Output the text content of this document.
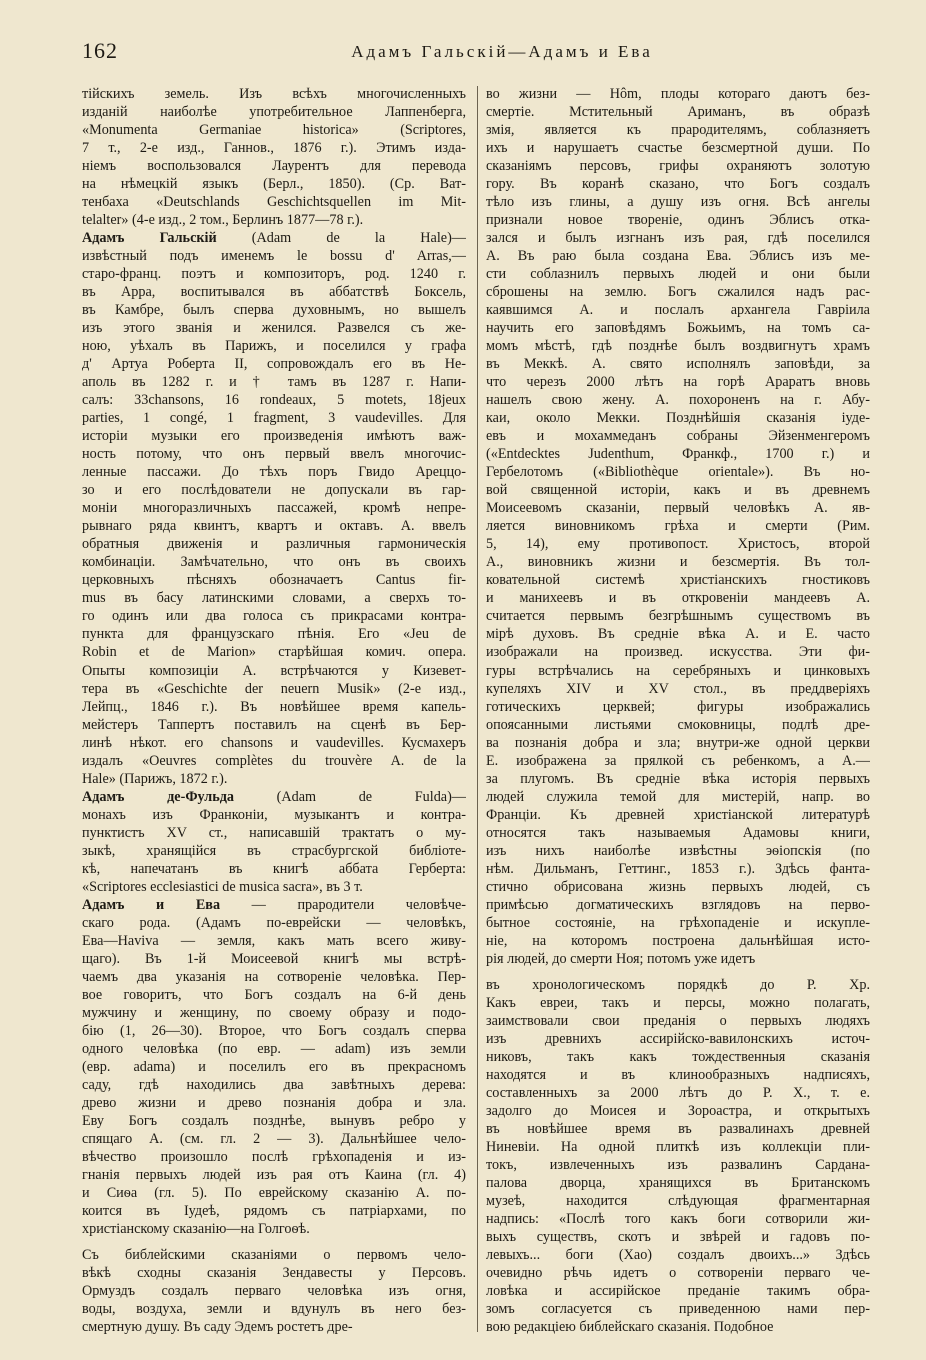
162	Адамъ Гальскій—Адамъ и Ева
тійскихъ земель. Изъ всѣхъ многочисленныхъ
изданій наиболѣе употребительное Лаппенберга,
«Monumenta Germaniae historica» (Scriptores,
7 т., 2-е изд., Ганнов., 1876 г.). Этимъ изда-
ніемъ воспользовался Лаурентъ для перевода
на нѣмецкій языкъ (Берл., 1850). (Ср. Ват-
тенбаха «Deutschlands Geschichtsquellen im Mit-
telalter» (4-е изд., 2 том., Берлинъ 1877—78 г.).
Адамъ Гальскій (Adam de la Hale)—
извѣстный подъ именемъ le bossu d' Arras,—
старо-франц. поэтъ и композиторъ, род. 1240 г.
въ Арра, воспитывался въ аббатствѣ Боксель,
въ Камбре, былъ сперва духовнымъ, но вышелъ
изъ этого званія и женился. Развелся съ же-
ною, уѣхалъ въ Парижъ, и поселился у графа
д' Артуа Роберта II, сопровождалъ его въ Не-
аполь въ 1282 г. и † тамъ въ 1287 г. Напи-
салъ: 33chansons, 16 rondeaux, 5 motets, 18jeux
parties, 1 congé, 1 fragment, 3 vaudevilles. Для
исторіи музыки его произведенія имѣютъ важ-
ность потому, что онъ первый ввелъ многочис-
ленные пассажи. До тѣхъ поръ Гвидо Ареццо-
зо и его послѣдователи не допускали въ гар-
моніи многоразличныхъ пассажей, кромѣ непре-
рывнаго ряда квинтъ, квартъ и октавъ. А. ввелъ
обратныя движенія и различныя гармоническія
комбинаціи. Замѣчательно, что онъ въ своихъ
церковныхъ пѣсняхъ обозначаетъ Cantus fir-
mus въ басу латинскими словами, а сверхъ то-
го одинъ или два голоса съ прикрасами контра-
пункта для французскаго пѣнія. Его «Jeu de
Robin et de Marion» старѣйшая комич. опера.
Опыты композиціи А. встрѣчаются у Кизевет-
тера въ «Geschichte der neuern Musik» (2-е изд.,
Лейпц., 1846 г.). Въ новѣйшее время капель-
мейстеръ Таппертъ поставилъ на сценѣ въ Бер-
линѣ нѣкот. его chansons и vaudevilles. Кусмахеръ
издалъ «Oeuvres complètes du trouvère A. de la
Hale» (Парижъ, 1872 г.).
Адамъ де-Фульда (Adam de Fulda)—
монахъ изъ Франконіи, музыкантъ и контра-
пунктистъ XV ст., написавшій трактатъ о му-
зыкѣ, хранящійся въ страсбургской библіоте-
кѣ, напечатанъ въ книгѣ аббата Герберта:
«Scriptores ecclesiastici de musica sacra», въ 3 т.
Адамъ и Ева — прародители человѣче-
скаго рода. (Адамъ по-еврейски — человѣкъ,
Ева—Haviva — земля, какъ мать всего живу-
щаго). Въ 1-й Моисеевой книгѣ мы встрѣ-
чаемъ два указанія на сотвореніе человѣка. Пер-
вое говоритъ, что Богъ создалъ на 6-й день
мужчину и женщину, по своему образу и подо-
бію (1, 26—30). Второе, что Богъ создалъ сперва
одного человѣка (по евр. — adam) изъ земли
(евр. adama) и поселилъ его въ прекрасномъ
саду, гдѣ находились два завѣтныхъ дерева:
древо жизни и древо познанія добра и зла.
Еву Богъ создалъ позднѣе, вынувъ ребро у
спящаго А. (см. гл. 2 — 3). Дальнѣйшее чело-
вѣчество произошло послѣ грѣхопаденія и из-
гнанія первыхъ людей изъ рая отъ Каина (гл. 4)
и Сиѳа (гл. 5). По еврейскому сказанію А. по-
коится въ Іудеѣ, рядомъ съ патріархами, по
христіанскому сказанію—на Голгоѳѣ.
Съ библейскими сказаніями о первомъ чело-
вѣкѣ сходны сказанія Зендавесты у Персовъ.
Ормуздъ создалъ перваго человѣка изъ огня,
воды, воздуха, земли и вдунулъ въ него без-
смертную душу. Въ саду Эдемъ ростетъ дре-
во жизни — Hôm, плоды котораго даютъ без-
смертіе. Мстительный Ариманъ, въ образѣ
змія, является къ прародителямъ, соблазняетъ
ихъ и нарушаетъ счастье безсмертной души. По
сказаніямъ персовъ, грифы охраняютъ золотую
гору. Въ коранѣ сказано, что Богъ создалъ
тѣло изъ глины, а душу изъ огня. Всѣ ангелы
признали новое твореніе, одинъ Эблисъ отка-
зался и былъ изгнанъ изъ рая, гдѣ поселился
А. Въ раю была создана Ева. Эблисъ изъ ме-
сти соблазнилъ первыхъ людей и они были
сброшены на землю. Богъ сжалился надъ рас-
каявшимся А. и послалъ архангела Гавріила
научить его заповѣдямъ Божьимъ, на томъ са-
момъ мѣстѣ, гдѣ позднѣе былъ воздвигнутъ храмъ
въ Меккѣ. А. свято исполнялъ заповѣди, за
что черезъ 2000 лѣтъ на горѣ Араратъ вновь
нашелъ свою жену. А. похороненъ на г. Абу-
каи, около Мекки. Позднѣйшія сказанія іуде-
евъ и мохаммеданъ собраны Эйзенменгеромъ
(«Entdecktes Judenthum, Франкф., 1700 г.) и
Гербелотомъ («Bibliothèque orientale»). Въ но-
вой священной исторіи, какъ и въ древнемъ
Моисеевомъ сказаніи, первый человѣкъ А. яв-
ляется виновникомъ грѣха и смерти (Рим.
5, 14), ему противопост. Христосъ, второй
А., виновникъ жизни и безсмертія. Въ тол-
ковательной системѣ христіанскихъ гностиковъ
и манихеевъ и въ откровеніи мандеевъ А.
считается первымъ безгрѣшнымъ существомъ въ
мірѣ духовъ. Въ средніе вѣка А. и Е. часто
изображали на произвед. искусства. Эти фи-
гуры встрѣчались на серебряныхъ и цинковыхъ
купеляхъ XIV и XV стол., въ преддверіяхъ
готическихъ церквей; фигуры изображались
опоясанными листьями смоковницы, подлѣ дре-
ва познанія добра и зла; внутри-же одной церкви
Е. изображена за прялкой съ ребенкомъ, а А.—
за плугомъ. Въ средніе вѣка исторія первыхъ
людей служила темой для мистерій, напр. во
Франціи. Къ древней христіанской литературѣ
относятся такъ называемыя Адамовы книги,
изъ нихъ наиболѣе извѣстны эѳіопскія (по
нѣм. Дильманъ, Геттинг., 1853 г.). Здѣсь фанта-
стично обрисована жизнь первыхъ людей, съ
примѣсью догматическихъ взглядовъ на перво-
бытное состояніе, на грѣхопаденіе и искупле-
ніе, на которомъ построена дальнѣйшая исто-
рія людей, до смерти Ноя; потомъ уже идетъ
въ хронологическомъ порядкѣ до Р. Хр.
Какъ евреи, такъ и персы, можно полагать,
заимствовали свои преданія о первыхъ людяхъ
изъ древнихъ ассирійско-вавилонскихъ источ-
никовъ, такъ какъ тождественныя сказанія
находятся и въ клинообразныхъ надписяхъ,
составленныхъ за 2000 лѣтъ до Р. Х., т. е.
задолго до Моисея и Зороастра, и открытыхъ
въ новѣйшее время въ развалинахъ древней
Ниневіи. На одной плиткѣ изъ коллекціи пли-
токъ, извлеченныхъ изъ развалинъ Сардана-
палова дворца, хранящихся въ Британскомъ
музеѣ, находится слѣдующая фрагментарная
надпись: «Послѣ того какъ боги сотворили жи-
выхъ существъ, скотъ и звѣрей и гадовъ по-
левыхъ... боги (Хао) создалъ двоихъ...» Здѣсь
очевидно рѣчь идетъ о сотвореніи перваго че-
ловѣка и ассирійское преданіе такимъ обра-
зомъ согласуется съ приведенною нами пер-
вою редакціею библейскаго сказанія. Подобное
